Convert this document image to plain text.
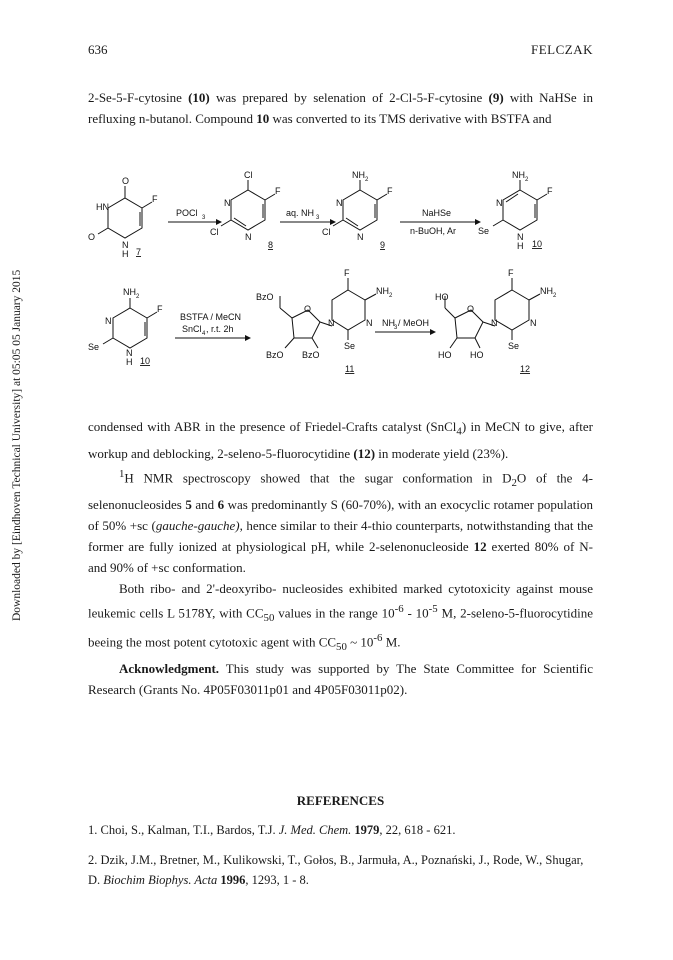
Downloaded by [Eindhoven Technical University] at 05:05 05 January 2015
636	FELCZAK

2-Se-5-F-cytosine (10) was prepared by selenation of 2-Cl-5-F-cytosine (9) with NaHSe in refluxing n-butanol. Compound 10 was converted to its TMS derivative with BSTFA and

O
HN
F
O
N
H 7
POCl 3
Cl
N
F
Cl	N
8
aq. NH 3
NH 2
N
F
Cl	N
9
NaHSe
n-BuOH, Ar
NH 2
N
F
Se
N
H 10
NH 2
N
F
Se
N
H 10
BSTFA / MeCN
SnCl 4 , r.t. 2h
BzO
O
BzO BzO
F
NH 2
N
N
Se
11
NH 3 / MeOH
HO
O
HO HO
F
NH 2
N
N
Se
12

condensed with ABR in the presence of Friedel-Crafts catalyst (SnCl$_4$) in MeCN to give, after workup and deblocking, 2-seleno-5-fluorocytidine (12) in moderate yield (23%).

$^1$H NMR spectroscopy showed that the sugar conformation in $D_2O$ of the 4-selenonucleosides 5 and 6 was predominantly S (60-70%), with an exocyclic rotamer population of 50% +sc (gauche-gauche), hence similar to their 4-thio counterparts, notwithstanding that the former are fully ionized at physiological pH, while 2-selenonucleoside 12 exerted 80% of N- and 90% of +sc conformation.

Both ribo- and 2'-deoxyribo- nucleosides exhibited marked cytotoxicity against mouse leukemic cells L 5178Y, with $CC_{50}$ values in the range $10^{-6} - 10^{-5}$ M, 2-seleno-5-fluorocytidine beeing the most potent cytotoxic agent with $CC_{50}$ ~ $10^{-6}$ M.

Acknowledgment. This study was supported by The State Committee for Scientific Research (Grants No. 4P05F03011p01 and 4P05F03011p02).

REFERENCES
1. Choi, S., Kalman, T.I., Bardos, T.J. J. Med. Chem. 1979, 22, 618 - 621.
2. Dzik, J.M., Bretner, M., Kulikowski, T., Gołos, B., Jarmuła, A., Poznański, J., Rode, W., Shugar, D. Biochim Biophys. Acta 1996, 1293, 1 - 8.
